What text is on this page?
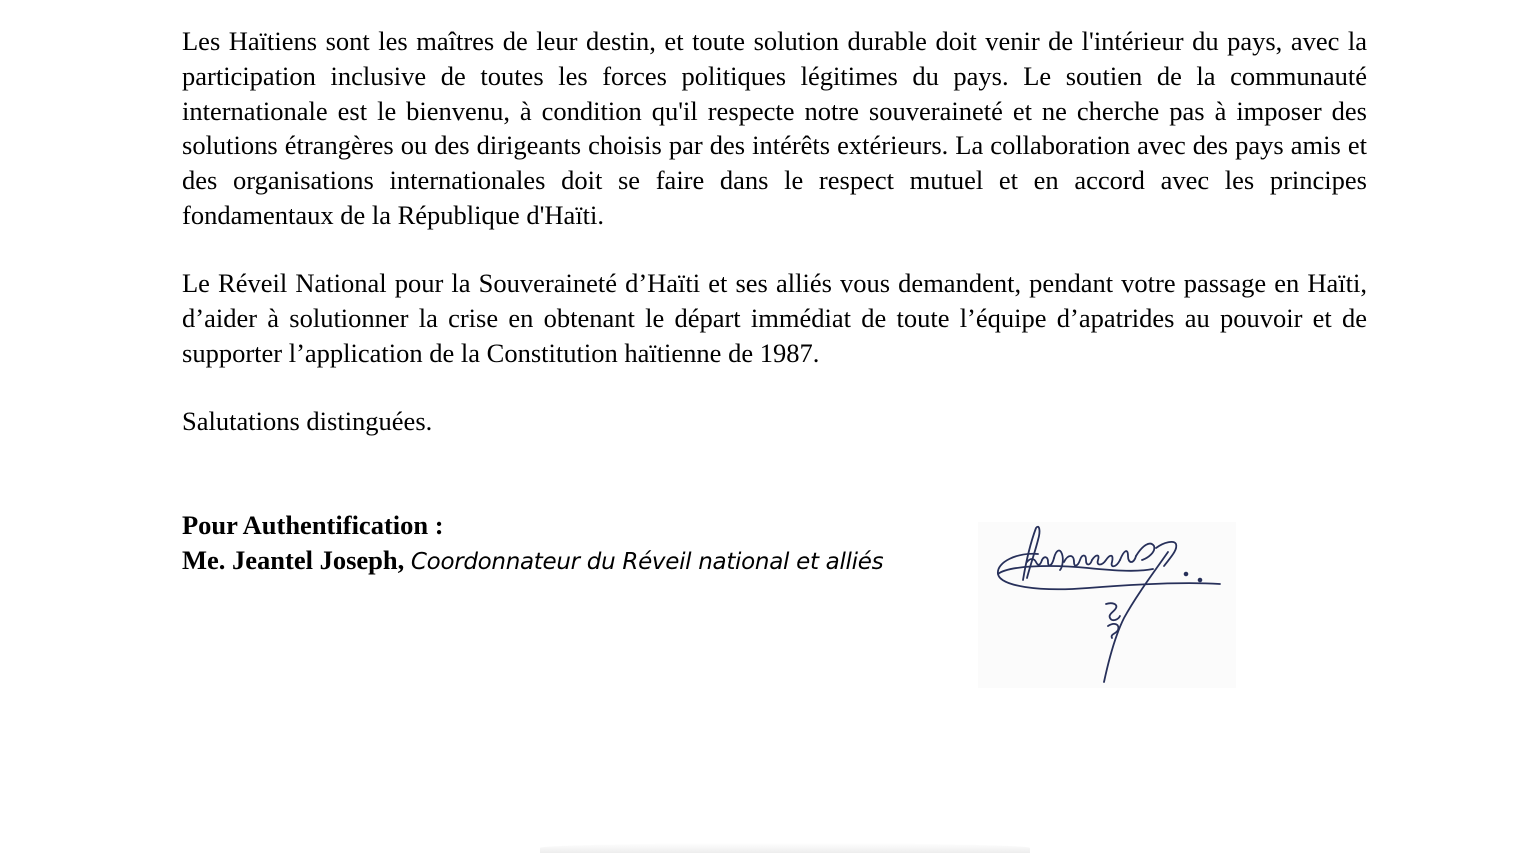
Les Haïtiens sont les maîtres de leur destin, et toute solution durable doit venir de l'intérieur du pays, avec la participation inclusive de toutes les forces politiques légitimes du pays. Le soutien de la communauté internationale est le bienvenu, à condition qu'il respecte notre souveraineté et ne cherche pas à imposer des solutions étrangères ou des dirigeants choisis par des intérêts extérieurs. La collaboration avec des pays amis et des organisations internationales doit se faire dans le respect mutuel et en accord avec les principes fondamentaux de la République d'Haïti.

Le Réveil National pour la Souveraineté d’Haïti et ses alliés vous demandent, pendant votre passage en Haïti, d’aider à solutionner la crise en obtenant le départ immédiat de toute l’équipe d’apatrides au pouvoir et de supporter l’application de la Constitution haïtienne de 1987.

Salutations distinguées.

Pour Authentification :

Me. Jeantel Joseph, Coordonnateur du Réveil national et alliés
